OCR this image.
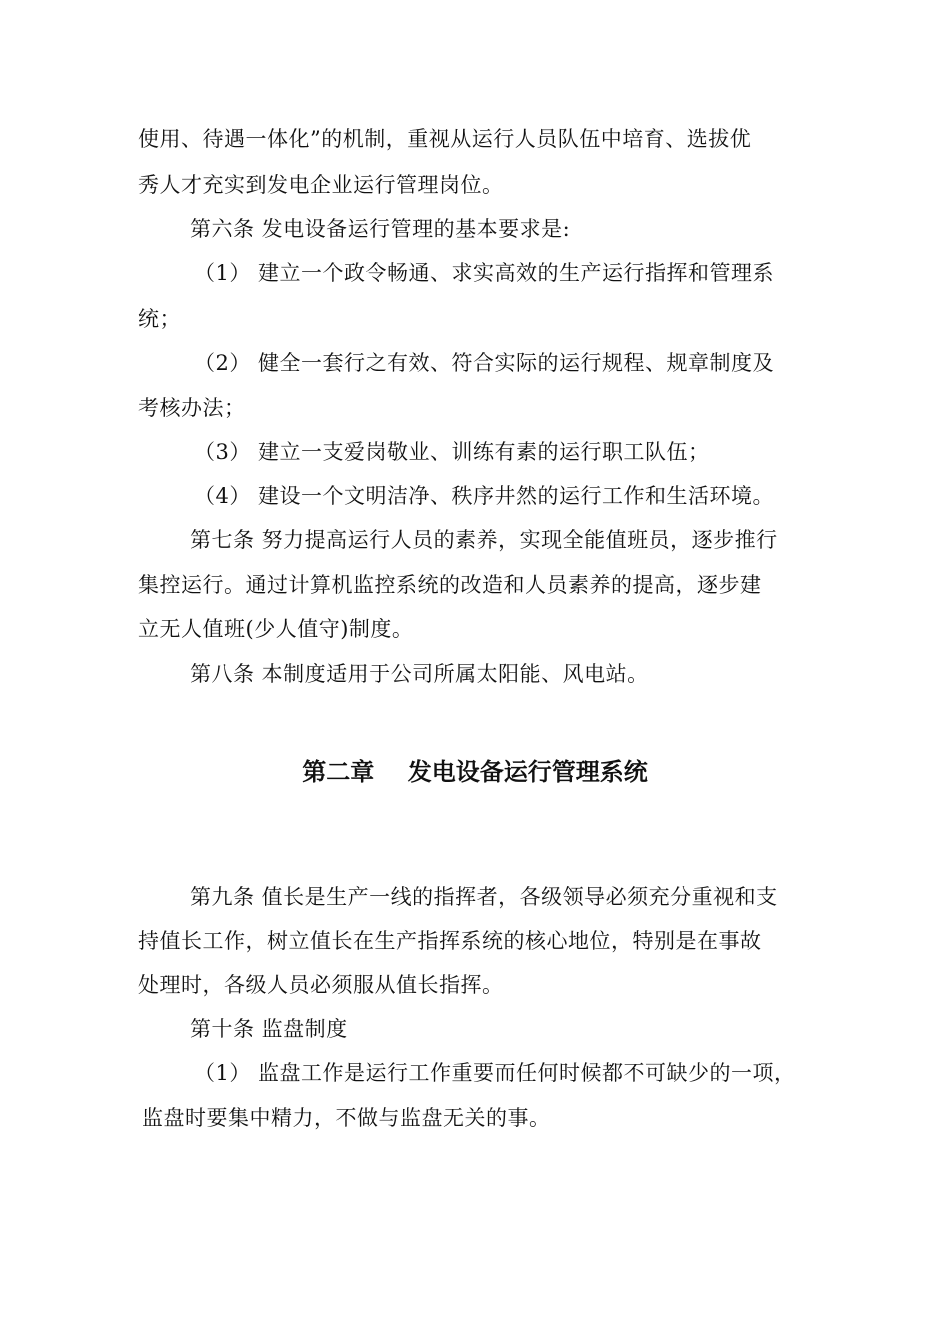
使用、待遇一体化”的机制，重视从运行人员队伍中培育、选拔优
秀人才充实到发电企业运行管理岗位。
第六条 发电设备运行管理的基本要求是:
（1） 建立一个政令畅通、求实高效的生产运行指挥和管理系
统；
（2） 健全一套行之有效、符合实际的运行规程、规章制度及
考核办法；
（3） 建立一支爱岗敬业、训练有素的运行职工队伍；
（4） 建设一个文明洁净、秩序井然的运行工作和生活环境。
第七条 努力提高运行人员的素养，实现全能值班员，逐步推行
集控运行。通过计算机监控系统的改造和人员素养的提高，逐步建
立无人值班(少人值守)制度。
第八条 本制度适用于公司所属太阳能、风电站。
第二章    发电设备运行管理系统
第九条 值长是生产一线的指挥者，各级领导必须充分重视和支
持值长工作，树立值长在生产指挥系统的核心地位，特别是在事故
处理时，各级人员必须服从值长指挥。
第十条 监盘制度
（1） 监盘工作是运行工作重要而任何时候都不可缺少的一项，
监盘时要集中精力，不做与监盘无关的事。
